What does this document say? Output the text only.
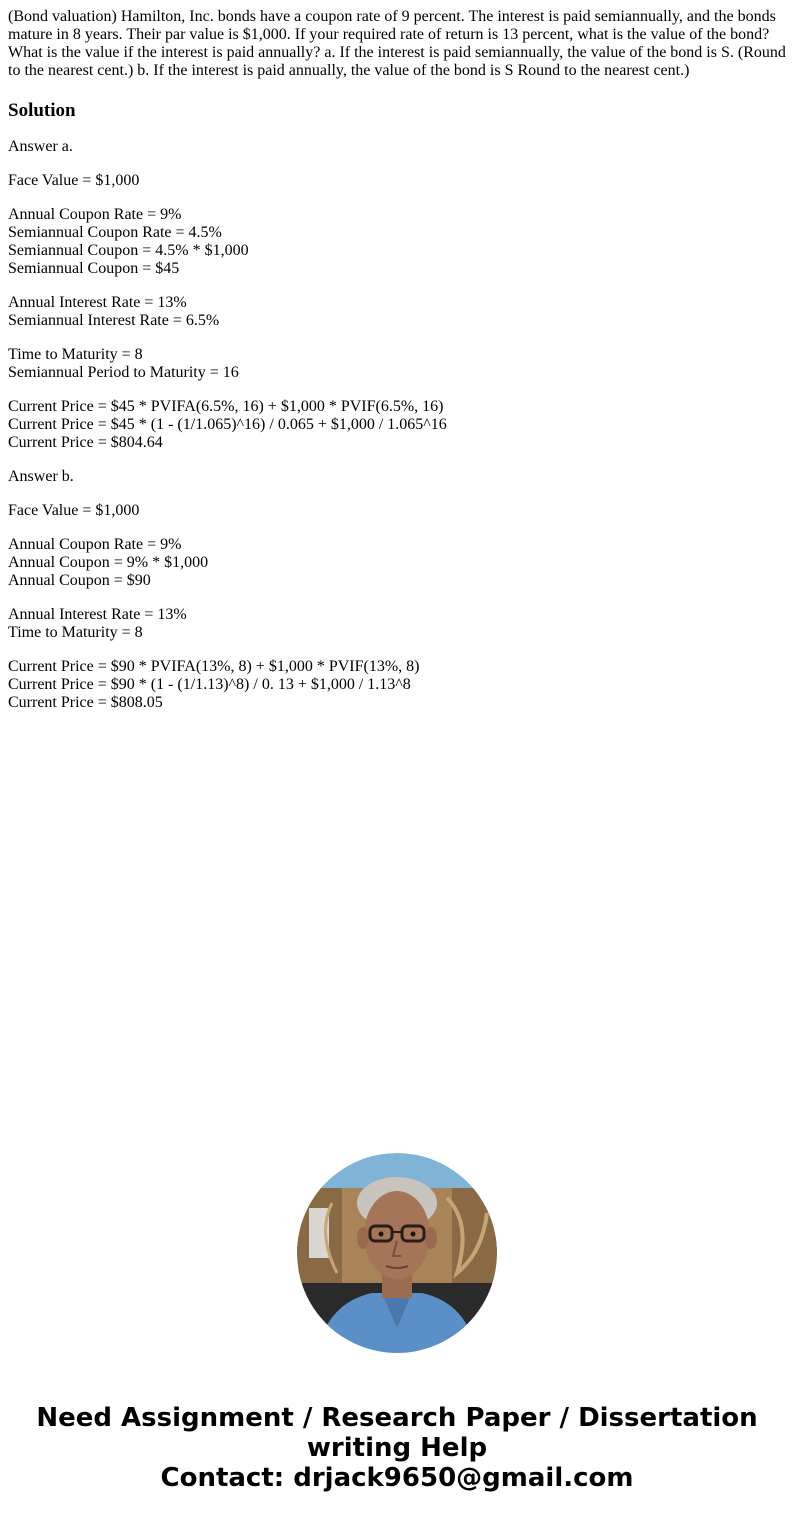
(Bond valuation) Hamilton, Inc. bonds have a coupon rate of 9 percent. The interest is paid semiannually, and the bonds mature in 8 years. Their par value is $1,000. If your required rate of return is 13 percent, what is the value of the bond? What is the value if the interest is paid annually? a. If the interest is paid semiannually, the value of the bond is S. (Round to the nearest cent.) b. If the interest is paid annually, the value of the bond is S Round to the nearest cent.)

Solution
Answer a.
Face Value = $1,000
Annual Coupon Rate = 9%
Semiannual Coupon Rate = 4.5%
Semiannual Coupon = 4.5% * $1,000
Semiannual Coupon = $45
Annual Interest Rate = 13%
Semiannual Interest Rate = 6.5%
Time to Maturity = 8
Semiannual Period to Maturity = 16
Current Price = $45 * PVIFA(6.5%, 16) + $1,000 * PVIF(6.5%, 16)
Current Price = $45 * (1 - (1/1.065)^16) / 0.065 + $1,000 / 1.065^16
Current Price = $804.64
Answer b.
Face Value = $1,000
Annual Coupon Rate = 9%
Annual Coupon = 9% * $1,000
Annual Coupon = $90
Annual Interest Rate = 13%
Time to Maturity = 8
Current Price = $90 * PVIFA(13%, 8) + $1,000 * PVIF(13%, 8)
Current Price = $90 * (1 - (1/1.13)^8) / 0. 13 + $1,000 / 1.13^8
Current Price = $808.05
Need Assignment / Research Paper / Dissertation
writing Help
Contact: drjack9650@gmail.com
